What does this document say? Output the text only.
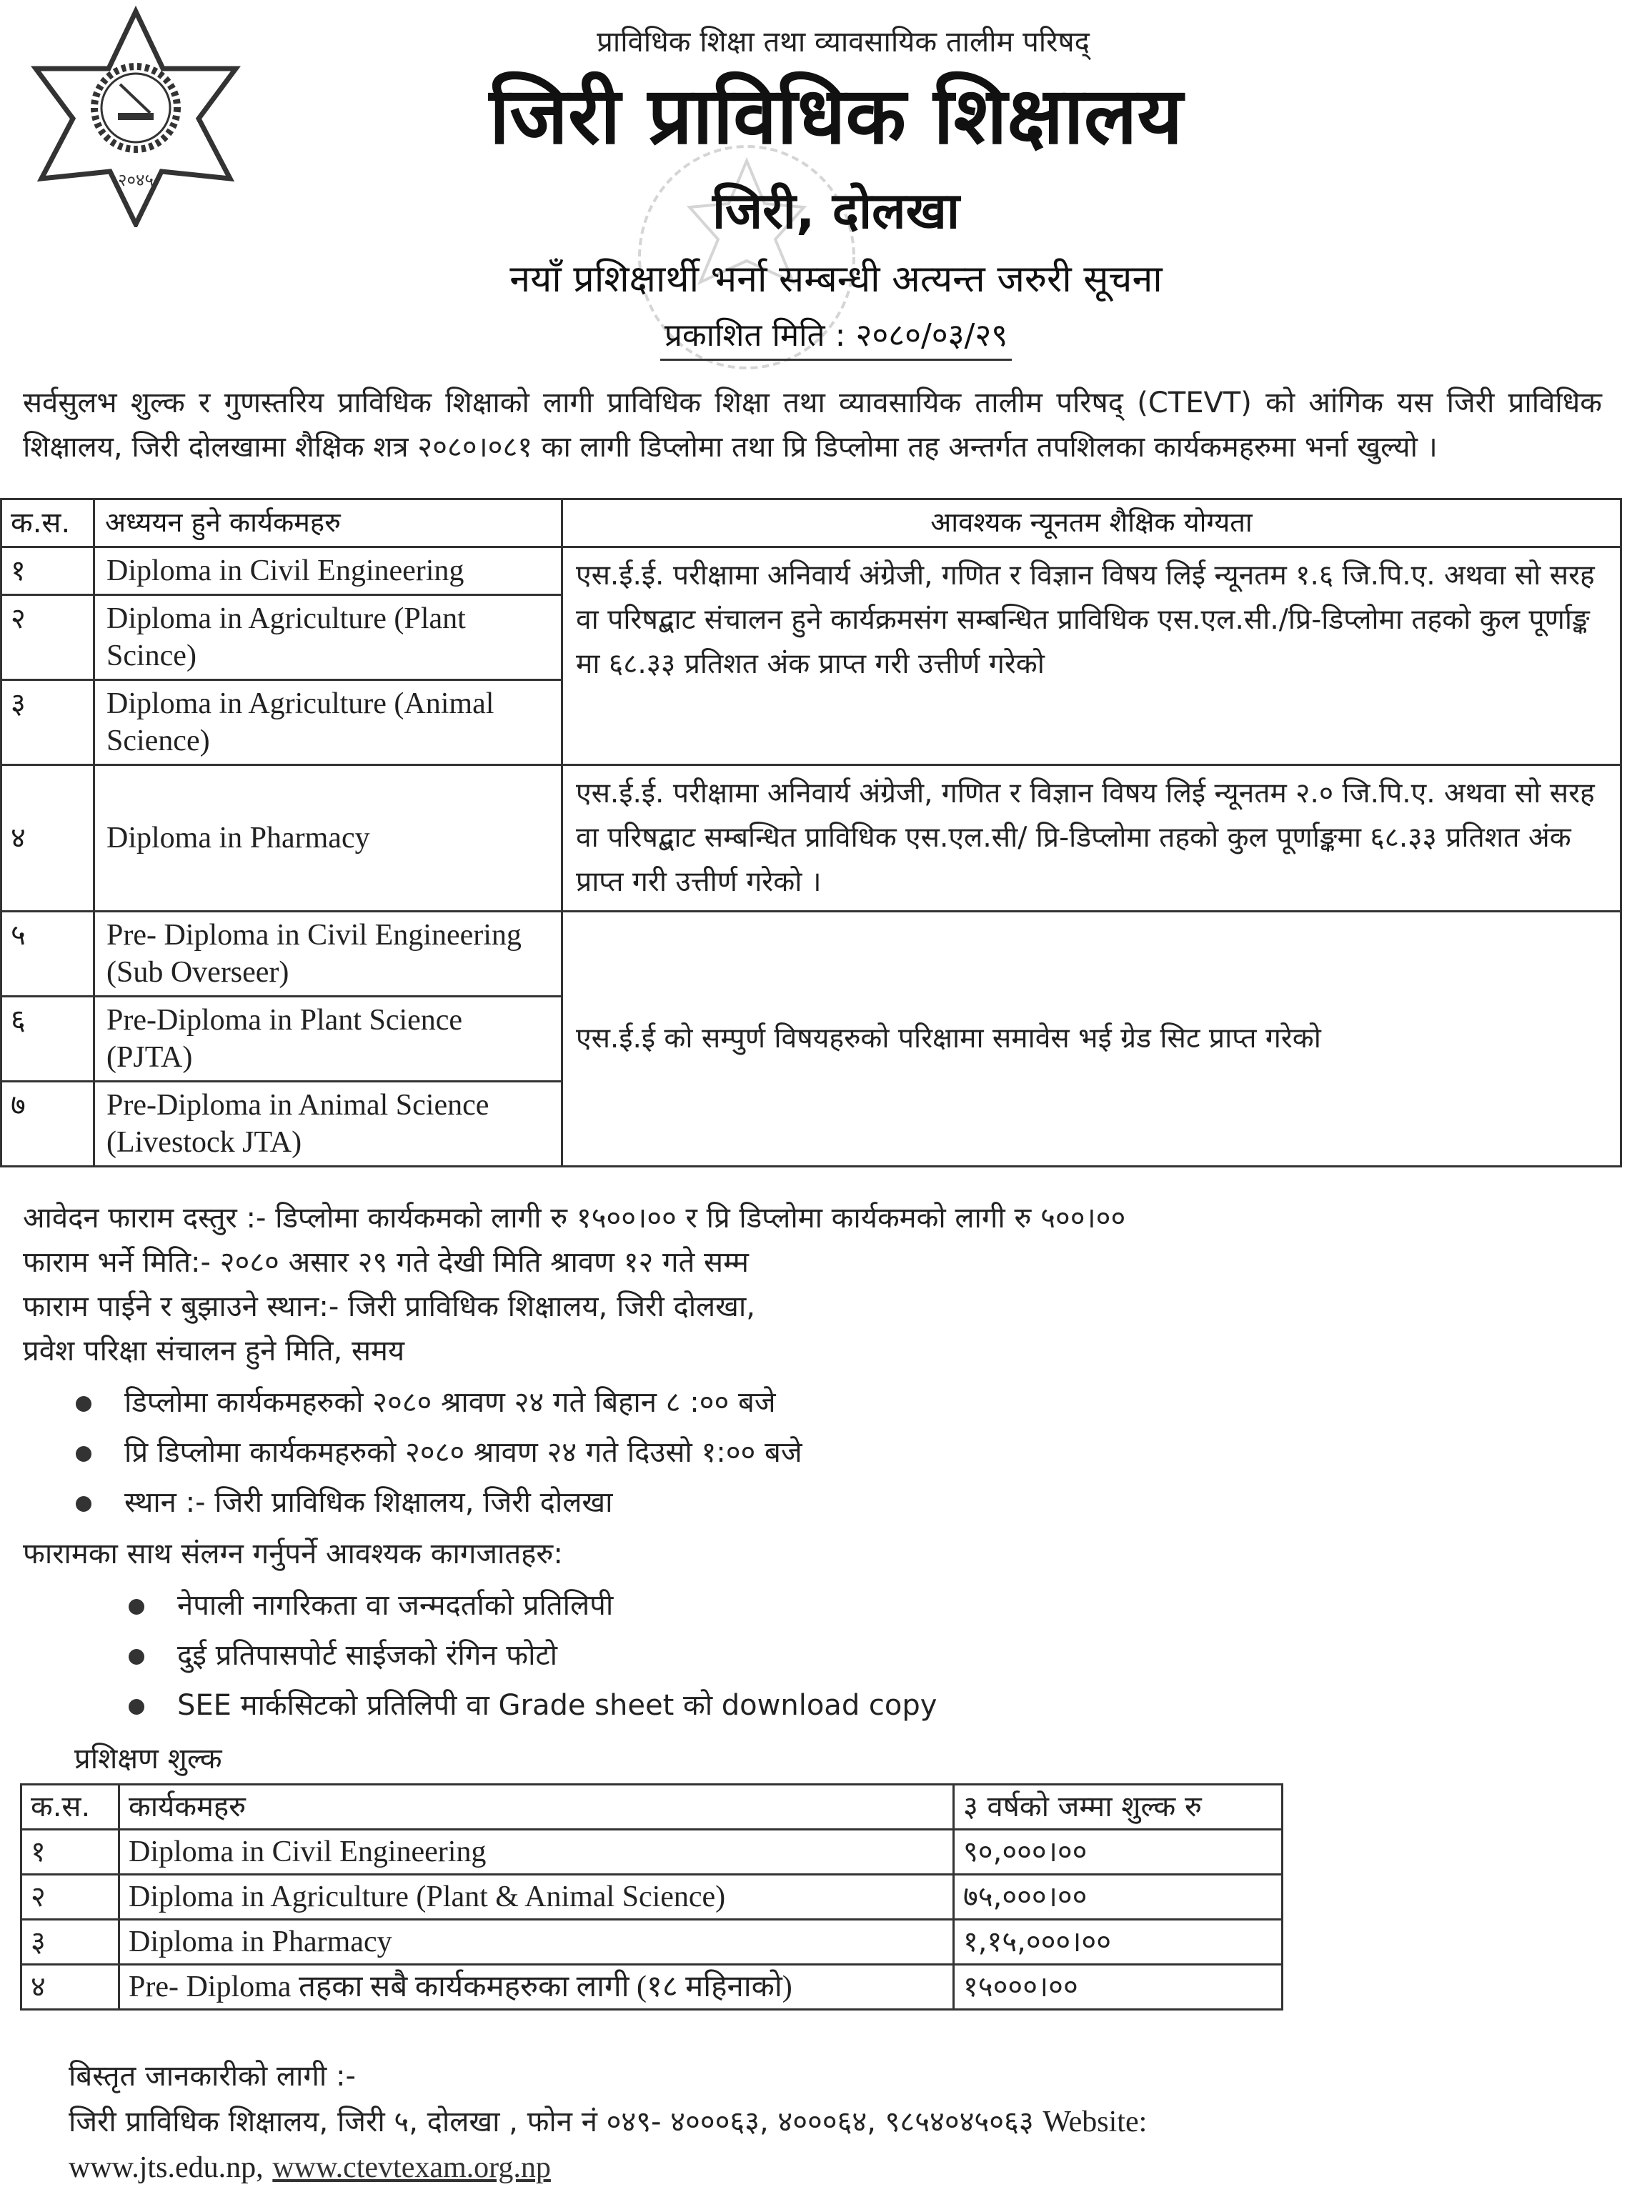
२०४५
प्राविधिक शिक्षा तथा व्यावसायिक तालीम परिषद्
जिरी प्राविधिक शिक्षालय
जिरी, दोलखा
नयाँ प्रशिक्षार्थी भर्ना सम्बन्धी अत्यन्त जरुरी सूचना
प्रकाशित मिति : २०८०/०३/२९
सर्वसुलभ शुल्क र गुणस्तरिय प्राविधिक शिक्षाको लागी प्राविधिक शिक्षा तथा व्यावसायिक तालीम परिषद् (CTEVT) को आंगिक यस जिरी प्राविधिक शिक्षालय, जिरी दोलखामा शैक्षिक शत्र २०८०।०८१ का लागी डिप्लोमा तथा प्रि डिप्लोमा तह अन्तर्गत तपशिलका कार्यकमहरुमा भर्ना खुल्यो ।
क.स.	अध्ययन हुने कार्यकमहरु	आवश्यक न्यूनतम शैक्षिक योग्यता
१	Diploma in Civil Engineering	एस.ई.ई. परीक्षामा अनिवार्य अंग्रेजी, गणित र विज्ञान विषय लिई न्यूनतम १.६ जि.पि.ए. अथवा सो सरह वा परिषद्बाट संचालन हुने कार्यक्रमसंग सम्बन्धित प्राविधिक एस.एल.सी./प्रि-डिप्लोमा तहको कुल पूर्णाङ्क मा ६८.३३ प्रतिशत अंक प्राप्त गरी उत्तीर्ण गरेको
२	Diploma in Agriculture (Plant Scince)	
३	Diploma in Agriculture (Animal Science)	
४	Diploma in Pharmacy	एस.ई.ई. परीक्षामा अनिवार्य अंग्रेजी, गणित र विज्ञान विषय लिई न्यूनतम २.० जि.पि.ए. अथवा सो सरह वा परिषद्बाट सम्बन्धित प्राविधिक एस.एल.सी/ प्रि-डिप्लोमा तहको कुल पूर्णाङ्कमा ६८.३३ प्रतिशत अंक प्राप्त गरी उत्तीर्ण गरेको ।
५	Pre- Diploma in Civil Engineering (Sub Overseer)	एस.ई.ई को सम्पुर्ण विषयहरुको परिक्षामा समावेस भई ग्रेड सिट प्राप्त गरेको
६	Pre-Diploma in Plant Science (PJTA)	
७	Pre-Diploma in Animal Science (Livestock JTA)	
आवेदन फाराम दस्तुर :- डिप्लोमा कार्यकमको लागी रु १५००।०० र प्रि डिप्लोमा कार्यकमको लागी रु ५००।००
फाराम भर्ने मिति:- २०८० असार २९ गते देखी मिति श्रावण १२ गते सम्म
फाराम पाईने र बुझाउने स्थान:- जिरी प्राविधिक शिक्षालय, जिरी दोलखा,
प्रवेश परिक्षा संचालन हुने मिति, समय
डिप्लोमा कार्यकमहरुको २०८० श्रावण २४ गते बिहान ८ :०० बजे
प्रि डिप्लोमा कार्यकमहरुको २०८० श्रावण २४ गते दिउसो १:०० बजे
स्थान :- जिरी प्राविधिक शिक्षालय, जिरी दोलखा
फारामका साथ संलग्न गर्नुपर्ने आवश्यक कागजातहरु:
नेपाली नागरिकता वा जन्मदर्ताको प्रतिलिपी
दुई प्रतिपासपोर्ट साईजको रंगिन फोटो
SEE मार्कसिटको प्रतिलिपी वा Grade sheet को download copy
प्रशिक्षण शुल्क
क.स.	कार्यकमहरु	३ वर्षको जम्मा शुल्क रु
१	Diploma in Civil Engineering	९०,०००।००
२	Diploma in Agriculture (Plant & Animal Science)	७५,०००।००
३	Diploma in Pharmacy	१,१५,०००।००
४	Pre- Diploma तहका सबै कार्यकमहरुका लागी (१८ महिनाको)	१५०००।००
बिस्तृत जानकारीको लागी :-
जिरी प्राविधिक शिक्षालय, जिरी ५, दोलखा , फोन नं ०४९- ४०००६३, ४०००६४, ९८५४०४५०६३ Website:
www.jts.edu.np, www.ctevtexam.org.np
